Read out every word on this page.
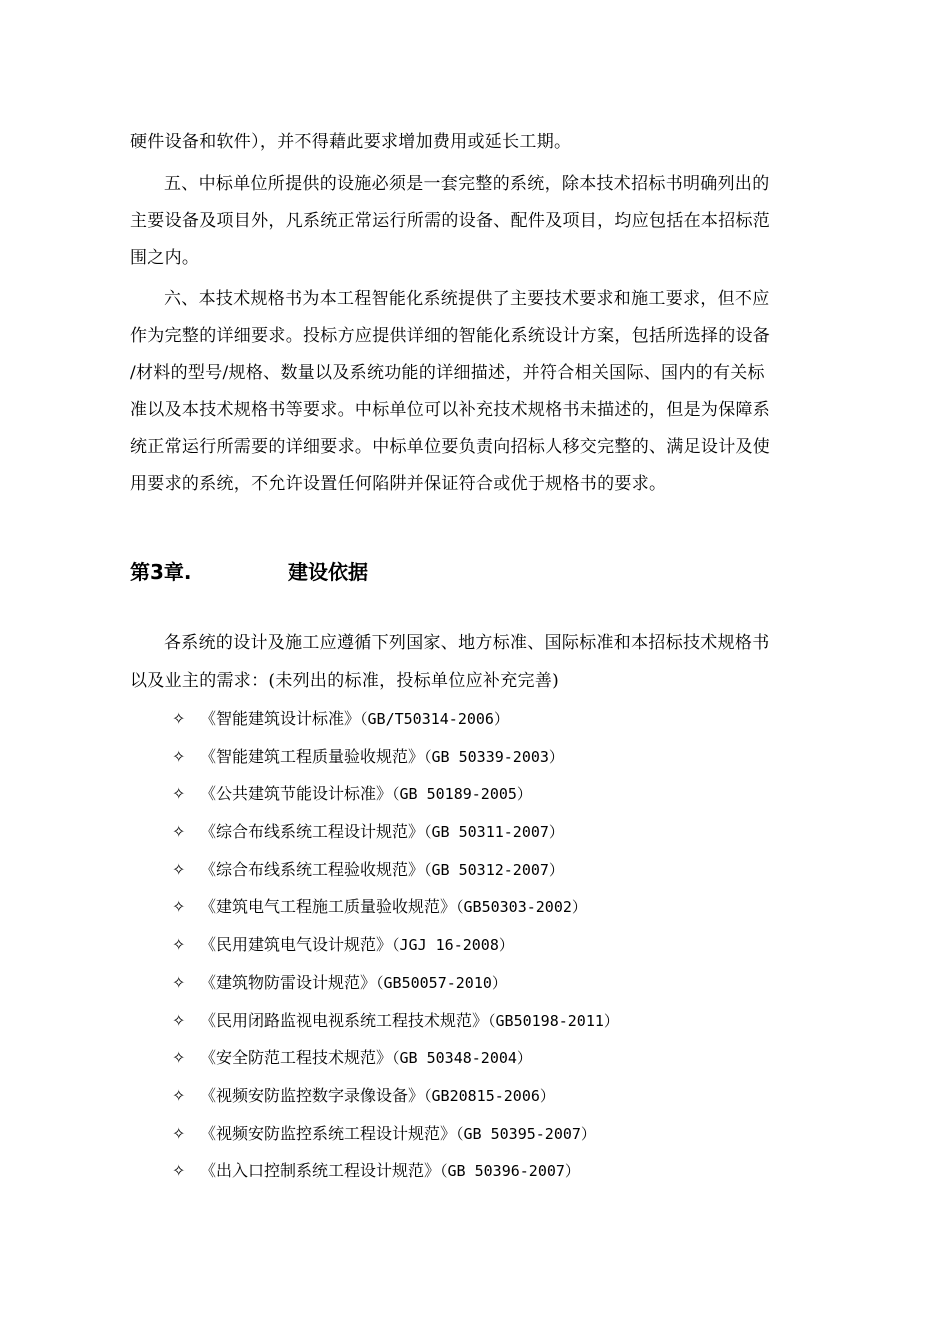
硬件设备和软件），并不得藉此要求增加费用或延长工期。
五、中标单位所提供的设施必须是一套完整的系统，除本技术招标书明确列出的
主要设备及项目外，凡系统正常运行所需的设备、配件及项目，均应包括在本招标范
围之内。
六、本技术规格书为本工程智能化系统提供了主要技术要求和施工要求，但不应
作为完整的详细要求。投标方应提供详细的智能化系统设计方案，包括所选择的设备
/材料的型号/规格、数量以及系统功能的详细描述，并符合相关国际、国内的有关标
准以及本技术规格书等要求。中标单位可以补充技术规格书未描述的，但是为保障系
统正常运行所需要的详细要求。中标单位要负责向招标人移交完整的、满足设计及使
用要求的系统，不允许设置任何陷阱并保证符合或优于规格书的要求。
第3章.	建设依据
各系统的设计及施工应遵循下列国家、地方标准、国际标准和本招标技术规格书
以及业主的需求：(未列出的标准，投标单位应补充完善)
✧ 《智能建筑设计标准》（GB/T50314-2006）
✧ 《智能建筑工程质量验收规范》（GB 50339-2003）
✧ 《公共建筑节能设计标准》（GB 50189-2005）
✧ 《综合布线系统工程设计规范》（GB 50311-2007）
✧ 《综合布线系统工程验收规范》（GB 50312-2007）
✧ 《建筑电气工程施工质量验收规范》（GB50303-2002）
✧ 《民用建筑电气设计规范》（JGJ 16-2008）
✧ 《建筑物防雷设计规范》（GB50057-2010）
✧ 《民用闭路监视电视系统工程技术规范》（GB50198-2011）
✧ 《安全防范工程技术规范》（GB 50348-2004）
✧ 《视频安防监控数字录像设备》（GB20815-2006）
✧ 《视频安防监控系统工程设计规范》（GB 50395-2007）
✧ 《出入口控制系统工程设计规范》（GB 50396-2007）
